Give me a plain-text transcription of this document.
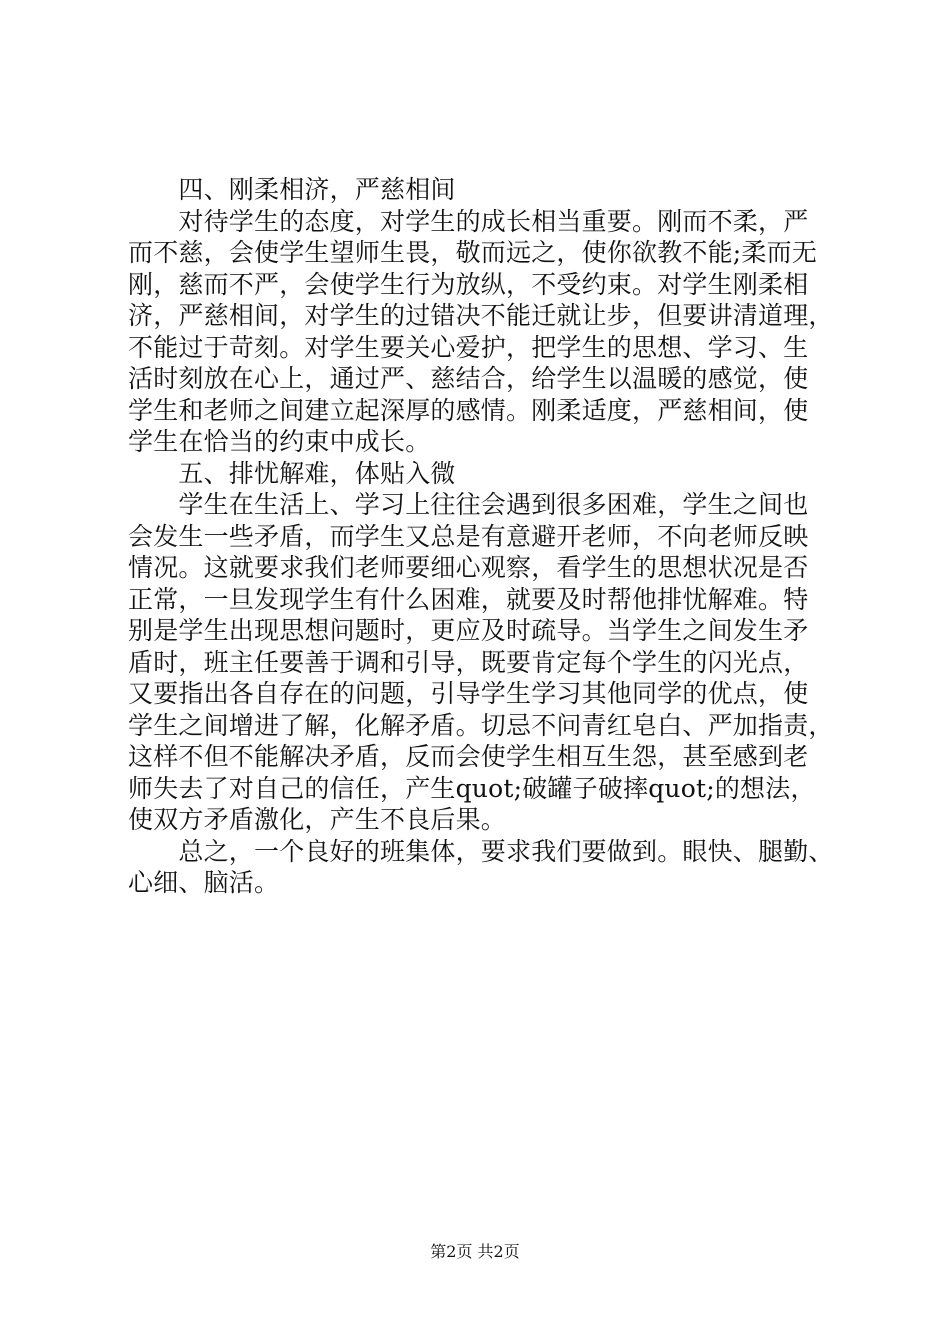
　　四、刚柔相济，严慈相间
　　对待学生的态度，对学生的成长相当重要。刚而不柔，严
而不慈，会使学生望师生畏，敬而远之，使你欲教不能;柔而无
刚，慈而不严，会使学生行为放纵，不受约束。对学生刚柔相
济，严慈相间，对学生的过错决不能迁就让步，但要讲清道理，
不能过于苛刻。对学生要关心爱护，把学生的思想、学习、生
活时刻放在心上，通过严、慈结合，给学生以温暖的感觉，使
学生和老师之间建立起深厚的感情。刚柔适度，严慈相间，使
学生在恰当的约束中成长。
　　五、排忧解难，体贴入微
　　学生在生活上、学习上往往会遇到很多困难，学生之间也
会发生一些矛盾，而学生又总是有意避开老师，不向老师反映
情况。这就要求我们老师要细心观察，看学生的思想状况是否
正常，一旦发现学生有什么困难，就要及时帮他排忧解难。特
别是学生出现思想问题时，更应及时疏导。当学生之间发生矛
盾时，班主任要善于调和引导，既要肯定每个学生的闪光点，
又要指出各自存在的问题，引导学生学习其他同学的优点，使
学生之间增进了解，化解矛盾。切忌不问青红皂白、严加指责，
这样不但不能解决矛盾，反而会使学生相互生怨，甚至感到老
师失去了对自己的信任，产生quot;破罐子破摔quot;的想法，
使双方矛盾激化，产生不良后果。
　　总之，一个良好的班集体，要求我们要做到。眼快、腿勤、
心细、脑活。
第2页 共2页
